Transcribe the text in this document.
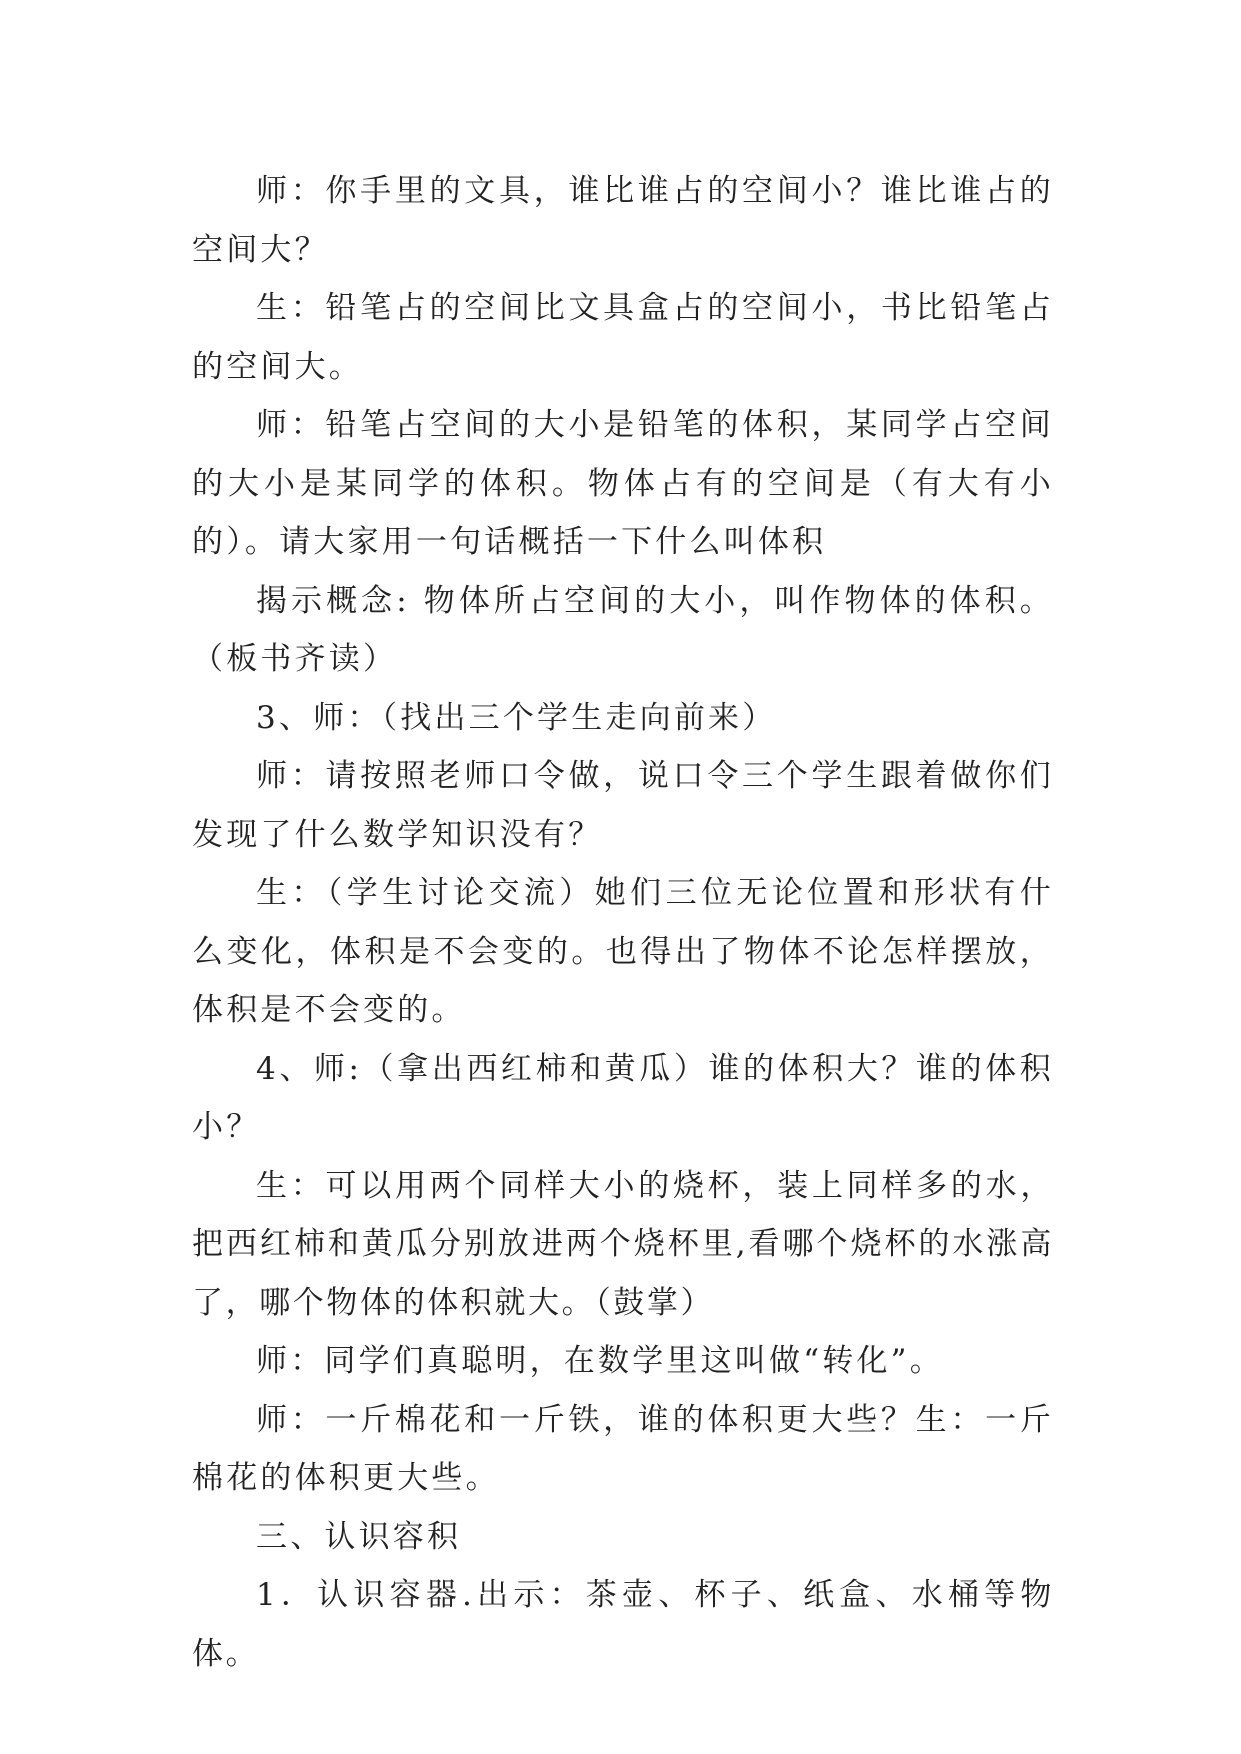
师：你手里的文具，谁比谁占的空间小？谁比谁占的空间大？

生：铅笔占的空间比文具盒占的空间小，书比铅笔占的空间大。

师：铅笔占空间的大小是铅笔的体积，某同学占空间的大小是某同学的体积。物体占有的空间是（有大有小的）。请大家用一句话概括一下什么叫体积

揭示概念: 物体所占空间的大小，叫作物体的体积。（板书齐读）

3、师：（找出三个学生走向前来）

师：请按照老师口令做，说口令三个学生跟着做你们发现了什么数学知识没有？

生：（学生讨论交流）她们三位无论位置和形状有什么变化，体积是不会变的。也得出了物体不论怎样摆放，体积是不会变的。

4、师:（拿出西红柿和黄瓜）谁的体积大？谁的体积小？

生：可以用两个同样大小的烧杯，装上同样多的水，把西红柿和黄瓜分别放进两个烧杯里,看哪个烧杯的水涨高了，哪个物体的体积就大。（鼓掌）

师：同学们真聪明，在数学里这叫做“转化”。

师：一斤棉花和一斤铁，谁的体积更大些？生：一斤棉花的体积更大些。

三、认识容积

1．认识容器.出示：茶壶、杯子、纸盒、水桶等物体。
